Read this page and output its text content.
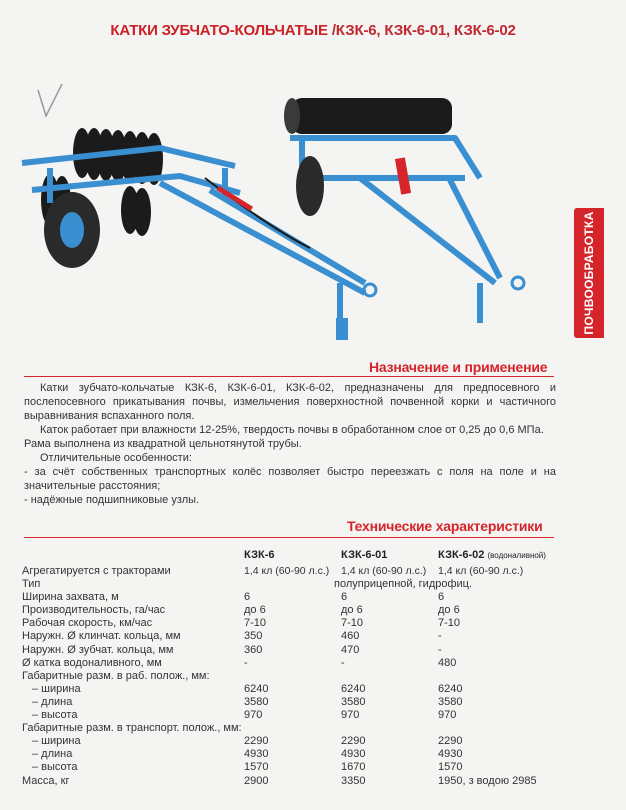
КАТКИ ЗУБЧАТО-КОЛЬЧАТЫЕ /КЗК-6, КЗК-6-01, КЗК-6-02
ПОЧВООБРАБОТКА
Назначение и применение

Катки зубчато-кольчатые КЗК-6, КЗК-6-01, КЗК-6-02, предназначены для предпосевного и послепосевного прикатывания почвы, измельчения поверхностной почвенной корки и частичного выравнивания вспаханного поля.

Каток работает при влажности 12-25%, твердость почвы в обработанном слое от 0,25 до 0,6 МПа.

Рама выполнена из квадратной цельнотянутой трубы.

Отличительные особенности:

- за счёт собственных транспортных колёс позволяет быстро переезжать с поля на поле и на значительные расстояния;

- надёжные подшипниковые узлы.

Технические характеристики
	КЗК-6	КЗК-6-01	КЗК-6-02 (водоналивной)
Агрегатируется с тракторами	1,4 кл (60-90 л.с.)	1,4 кл (60-90 л.с.)	1,4 кл (60-90 л.с.)
Тип	полуприцепной, гидрофиц.		
Ширина захвата, м	6	6	6
Производительность, га/час	до 6	до 6	до 6
Рабочая скорость, км/час	7-10	7-10	7-10
Наружн. Ø клинчат. кольца, мм	350	460	-
Наружн. Ø зубчат. кольца, мм	360	470	-
Ø катка водоналивного, мм	-	-	480
Габаритные разм. в раб. полож., мм:			
– ширина	6240	6240	6240
– длина	3580	3580	3580
– высота	970	970	970
Габаритные разм. в транспорт. полож., мм:			
– ширина	2290	2290	2290
– длина	4930	4930	4930
– высота	1570	1670	1570
Масса, кг	2900	3350	1950, з водою 2985
